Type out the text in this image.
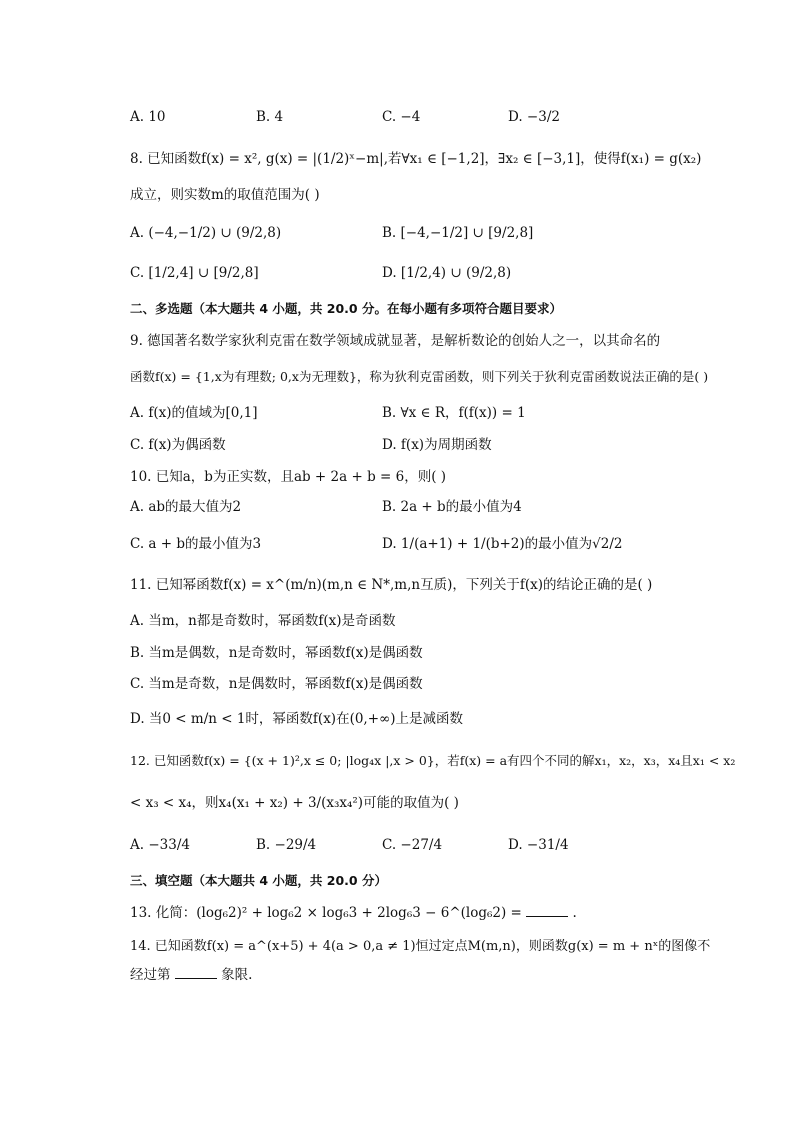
A. 10	B. 4	C. −4	D. −3/2
8. 已知函数f(x) = x², g(x) = |(1/2)ˣ−m|,若∀x₁ ∈ [−1,2]，∃x₂ ∈ [−3,1]，使得f(x₁) = g(x₂)
成立，则实数m的取值范围为( )
A. (−4,−1/2) ∪ (9/2,8)	B. [−4,−1/2] ∪ [9/2,8]
C. [1/2,4] ∪ [9/2,8]	D. [1/2,4) ∪ (9/2,8)
二、多选题（本大题共 4 小题，共 20.0 分。在每小题有多项符合题目要求）
9. 德国著名数学家狄利克雷在数学领域成就显著，是解析数论的创始人之一，以其命名的
函数f(x) = {1,x为有理数; 0,x为无理数}，称为狄利克雷函数，则下列关于狄利克雷函数说法正确的是( )
A. f(x)的值域为[0,1]	B. ∀x ∈ R，f(f(x)) = 1
C. f(x)为偶函数	D. f(x)为周期函数
10. 已知a，b为正实数，且ab + 2a + b = 6，则( )
A. ab的最大值为2	B. 2a + b的最小值为4
C. a + b的最小值为3	D. 1/(a+1) + 1/(b+2)的最小值为√2/2
11. 已知幂函数f(x) = x^(m/n)(m,n ∈ N*,m,n互质)，下列关于f(x)的结论正确的是( )
A. 当m，n都是奇数时，幂函数f(x)是奇函数
B. 当m是偶数，n是奇数时，幂函数f(x)是偶函数
C. 当m是奇数，n是偶数时，幂函数f(x)是偶函数
D. 当0 < m/n < 1时，幂函数f(x)在(0,+∞)上是减函数
12. 已知函数f(x) = {(x + 1)²,x ≤ 0; |log₄x |,x > 0}，若f(x) = a有四个不同的解x₁，x₂，x₃，x₄且x₁ < x₂
< x₃ < x₄，则x₄(x₁ + x₂) + 3/(x₃x₄²)可能的取值为( )
A. −33/4	B. −29/4	C. −27/4	D. −31/4
三、填空题（本大题共 4 小题，共 20.0 分）
13. 化简：(log₆2)² + log₆2 × log₆3 + 2log₆3 − 6^(log₆2) =	.
14. 已知函数f(x) = a^(x+5) + 4(a > 0,a ≠ 1)恒过定点M(m,n)，则函数g(x) = m + nˣ的图像不
经过第	象限.
